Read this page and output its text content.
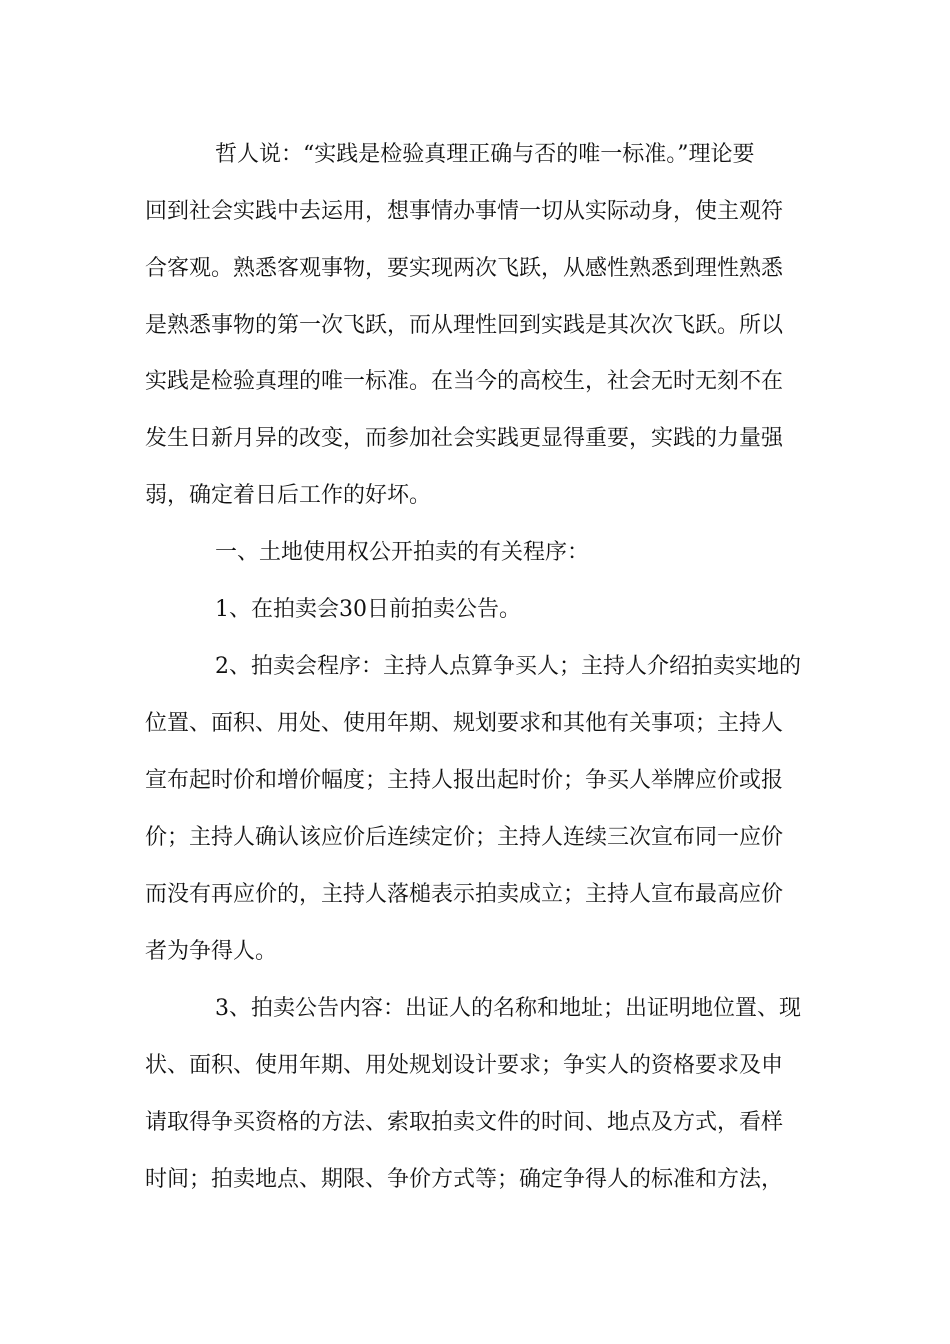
哲人说：“实践是检验真理正确与否的唯一标准。”理论要
回到社会实践中去运用，想事情办事情一切从实际动身，使主观符
合客观。熟悉客观事物，要实现两次飞跃，从感性熟悉到理性熟悉
是熟悉事物的第一次飞跃，而从理性回到实践是其次次飞跃。所以
实践是检验真理的唯一标准。在当今的高校生，社会无时无刻不在
发生日新月异的改变，而参加社会实践更显得重要，实践的力量强
弱，确定着日后工作的好坏。
一、土地使用权公开拍卖的有关程序：
1、在拍卖会30日前拍卖公告。
2、拍卖会程序：主持人点算争买人；主持人介绍拍卖实地的
位置、面积、用处、使用年期、规划要求和其他有关事项；主持人
宣布起时价和增价幅度；主持人报出起时价；争买人举牌应价或报
价；主持人确认该应价后连续定价；主持人连续三次宣布同一应价
而没有再应价的，主持人落槌表示拍卖成立；主持人宣布最高应价
者为争得人。
3、拍卖公告内容：出证人的名称和地址；出证明地位置、现
状、面积、使用年期、用处规划设计要求；争实人的资格要求及申
请取得争买资格的方法、索取拍卖文件的时间、地点及方式，看样
时间；拍卖地点、期限、争价方式等；确定争得人的标准和方法，
